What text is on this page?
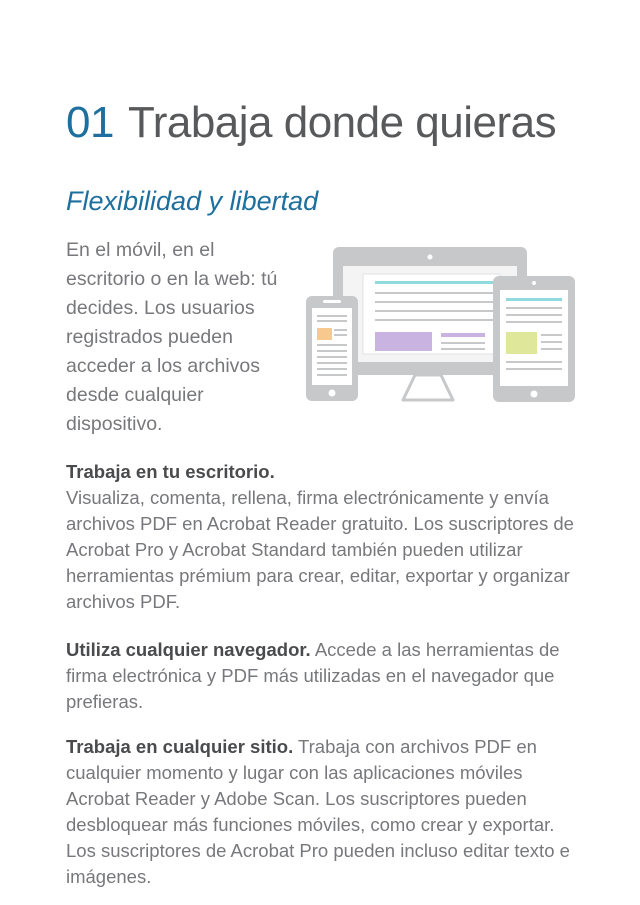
01 Trabaja donde quieras
Flexibilidad y libertad
En el móvil, en el escritorio o en la web: tú decides. Los usuarios registrados pueden acceder a los archivos desde cualquier dispositivo.
Trabaja en tu escritorio.
Visualiza, comenta, rellena, firma electrónicamente y envía archivos PDF en Acrobat Reader gratuito. Los suscriptores de Acrobat Pro y Acrobat Standard también pueden utilizar herramientas prémium para crear, editar, exportar y organizar archivos PDF.
Utiliza cualquier navegador. Accede a las herramientas de firma electrónica y PDF más utilizadas en el navegador que prefieras.
Trabaja en cualquier sitio. Trabaja con archivos PDF en cualquier momento y lugar con las aplicaciones móviles Acrobat Reader y Adobe Scan. Los suscriptores pueden desbloquear más funciones móviles, como crear y exportar. Los suscriptores de Acrobat Pro pueden incluso editar texto e imágenes.
